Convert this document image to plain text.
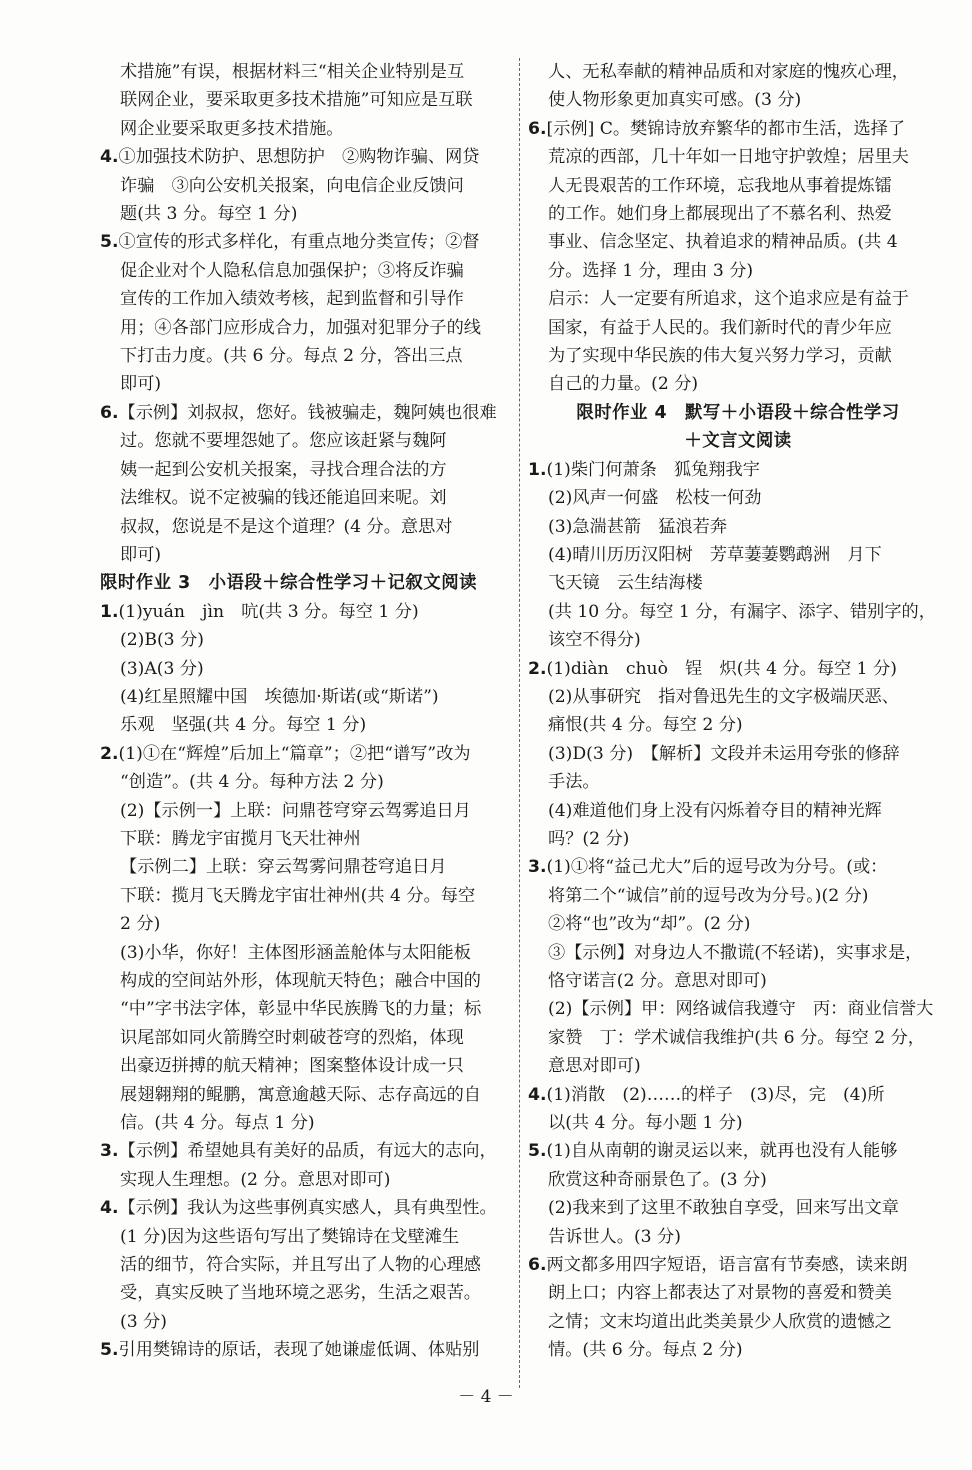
术措施”有误，根据材料三“相关企业特别是互
联网企业，要采取更多技术措施”可知应是互联
网企业要采取更多技术措施。
4.①加强技术防护、思想防护　②购物诈骗、网贷
诈骗　③向公安机关报案，向电信企业反馈问
题(共 3 分。每空 1 分)
5.①宣传的形式多样化，有重点地分类宣传；②督
促企业对个人隐私信息加强保护；③将反诈骗
宣传的工作加入绩效考核，起到监督和引导作
用；④各部门应形成合力，加强对犯罪分子的线
下打击力度。(共 6 分。每点 2 分，答出三点
即可)
6.【示例】刘叔叔，您好。钱被骗走，魏阿姨也很难
过。您就不要埋怨她了。您应该赶紧与魏阿
姨一起到公安机关报案，寻找合理合法的方
法维权。说不定被骗的钱还能追回来呢。刘
叔叔，您说是不是这个道理？(4 分。意思对
即可)
限时作业 3　小语段＋综合性学习＋记叙文阅读
1.(1)yuán　jìn　吭(共 3 分。每空 1 分)
(2)B(3 分)
(3)A(3 分)
(4)红星照耀中国　埃德加·斯诺(或“斯诺”)
乐观　坚强(共 4 分。每空 1 分)
2.(1)①在“辉煌”后加上“篇章”；②把“谱写”改为
“创造”。(共 4 分。每种方法 2 分)
(2)【示例一】上联：问鼎苍穹穿云驾雾追日月
下联：腾龙宇宙揽月飞天壮神州
【示例二】上联：穿云驾雾问鼎苍穹追日月
下联：揽月飞天腾龙宇宙壮神州(共 4 分。每空
2 分)
(3)小华，你好！主体图形涵盖舱体与太阳能板
构成的空间站外形，体现航天特色；融合中国的
“中”字书法字体，彰显中华民族腾飞的力量；标
识尾部如同火箭腾空时刺破苍穹的烈焰，体现
出豪迈拼搏的航天精神；图案整体设计成一只
展翅翱翔的鲲鹏，寓意逾越天际、志存高远的自
信。(共 4 分。每点 1 分)
3.【示例】希望她具有美好的品质，有远大的志向，
实现人生理想。(2 分。意思对即可)
4.【示例】我认为这些事例真实感人，具有典型性。
(1 分)因为这些语句写出了樊锦诗在戈壁滩生
活的细节，符合实际，并且写出了人物的心理感
受，真实反映了当地环境之恶劣，生活之艰苦。
(3 分)
5.引用樊锦诗的原话，表现了她谦虚低调、体贴别
人、无私奉献的精神品质和对家庭的愧疚心理，
使人物形象更加真实可感。(3 分)
6.[示例] C。樊锦诗放弃繁华的都市生活，选择了
荒凉的西部，几十年如一日地守护敦煌；居里夫
人无畏艰苦的工作环境，忘我地从事着提炼镭
的工作。她们身上都展现出了不慕名利、热爱
事业、信念坚定、执着追求的精神品质。(共 4
分。选择 1 分，理由 3 分)
启示：人一定要有所追求，这个追求应是有益于
国家，有益于人民的。我们新时代的青少年应
为了实现中华民族的伟大复兴努力学习，贡献
自己的力量。(2 分)
限时作业 4　默写＋小语段＋综合性学习
＋文言文阅读
1.(1)柴门何萧条　狐兔翔我宇
(2)风声一何盛　松枝一何劲
(3)急湍甚箭　猛浪若奔
(4)晴川历历汉阳树　芳草萋萋鹦鹉洲　月下
飞天镜　云生结海楼
(共 10 分。每空 1 分，有漏字、添字、错别字的，
该空不得分)
2.(1)diàn　chuò　锃　炽(共 4 分。每空 1 分)
(2)从事研究　指对鲁迅先生的文字极端厌恶、
痛恨(共 4 分。每空 2 分)
(3)D(3 分)　【解析】文段并未运用夸张的修辞
手法。
(4)难道他们身上没有闪烁着夺目的精神光辉
吗？(2 分)
3.(1)①将“益己尤大”后的逗号改为分号。(或：
将第二个“诚信”前的逗号改为分号。)(2 分)
②将“也”改为“却”。(2 分)
③【示例】对身边人不撒谎(不轻诺)，实事求是，
恪守诺言(2 分。意思对即可)
(2)【示例】甲：网络诚信我遵守　丙：商业信誉大
家赞　丁：学术诚信我维护(共 6 分。每空 2 分，
意思对即可)
4.(1)消散　(2)……的样子　(3)尽，完　(4)所
以(共 4 分。每小题 1 分)
5.(1)自从南朝的谢灵运以来，就再也没有人能够
欣赏这种奇丽景色了。(3 分)
(2)我来到了这里不敢独自享受，回来写出文章
告诉世人。(3 分)
6.两文都多用四字短语，语言富有节奏感，读来朗
朗上口；内容上都表达了对景物的喜爱和赞美
之情；文末均道出此类美景少人欣赏的遗憾之
情。(共 6 分。每点 2 分)
－ 4 －
